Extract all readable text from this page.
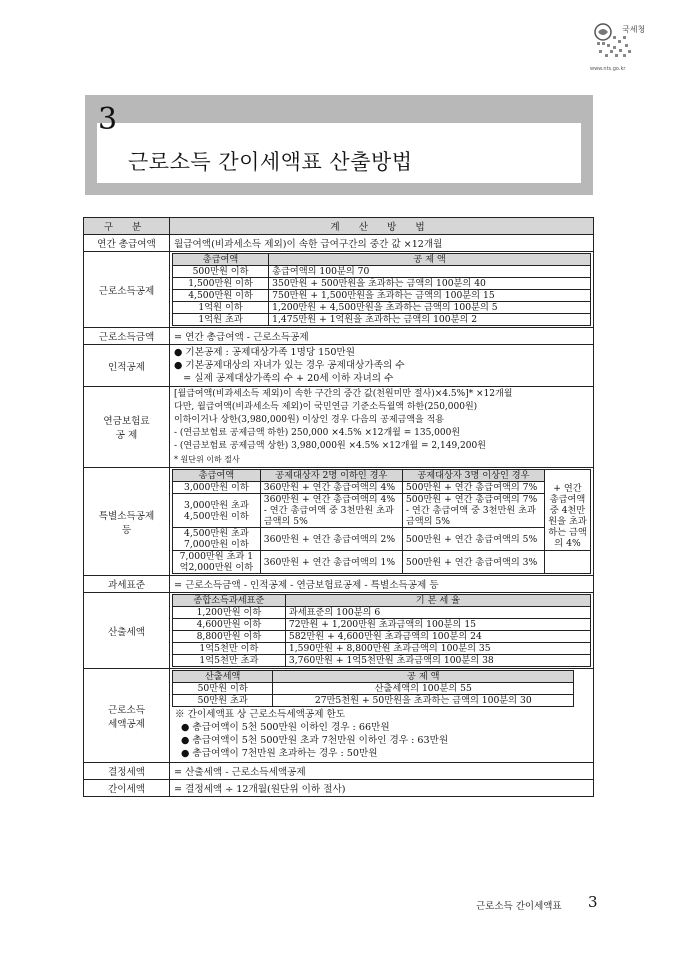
국세청
www.nts.go.kr
3 ✦
근로소득 간이세액표 산출방법
구 분	계 산 방 법
연간 총급여액	월급여액(비과세소득 제외)이 속한 급여구간의 중간 값 ×12개월
근로소득공제	
총급여액	공 제 액
500만원 이하	총급여액의 100분의 70
1,500만원 이하	350만원 + 500만원을 초과하는 금액의 100분의 40
4,500만원 이하	750만원 + 1,500만원을 초과하는 금액의 100분의 15
1억원 이하	1,200만원 + 4,500만원을 초과하는 금액의 100분의 5
1억원 초과	1,475만원 + 1억원을 초과하는 금액의 100분의 2

근로소득금액	= 연간 총급여액 - 근로소득공제
인적공제	
● 기본공제 : 공제대상가족 1명당 150만원
● 기본공제대상의 자녀가 있는 경우 공제대상가족의 수
= 실제 공제대상가족의 수 + 20세 이하 자녀의 수

연금보험료
공 제

[월급여액(비과세소득 제외)이 속한 구간의 중간 값(천원미만 절사)×4.5%]* ×12개월
다만, 월급여액(비과세소득 제외)이 국민연금 기준소득월액 하한(250,000원)
이하이거나 상한(3,980,000원) 이상인 경우 다음의 공제금액을 적용
- (연금보험료 공제금액 하한) 250,000 ×4.5% ×12개월 = 135,000원
- (연금보험료 공제금액 상한) 3,980,000원 ×4.5% ×12개월 = 2,149,200원
* 원단위 이하 절사

특별소득공제
등

총급여액	공제대상자 2명 이하인 경우	공제대상자 3명 이상인 경우	
3,000만원 이하	360만원 + 연간 총급여액의 4%	500만원 + 연간 총급여액의 7%	+ 연간 총급여액 중 4천만원을 초과하는 금액의 4%
3,000만원 초과 4,500만원 이하	360만원 + 연간 총급여액의 4% - 연간 총급여액 중 3천만원 초과 금액의 5%	500만원 + 연간 총급여액의 7% - 연간 총급여액 중 3천만원 초과 금액의 5%
4,500만원 초과 7,000만원 이하	360만원 + 연간 총급여액의 2%	500만원 + 연간 총급여액의 5%
7,000만원 초과 1억2,000만원 이하	360만원 + 연간 총급여액의 1%	500만원 + 연간 총급여액의 3%	

과세표준	= 근로소득금액 - 인적공제 - 연금보험료공제 - 특별소득공제 등
산출세액	
종합소득과세표준	기 본 세 율
1,200만원 이하	과세표준의 100분의 6
4,600만원 이하	72만원 + 1,200만원 초과금액의 100분의 15
8,800만원 이하	582만원 + 4,600만원 초과금액의 100분의 24
1억5천만 이하	1,590만원 + 8,800만원 초과금액의 100분의 35
1억5천만 초과	3,760만원 + 1억5천만원 초과금액의 100분의 38

근로소득
세액공제

산출세액	공 제 액
50만원 이하	산출세액의 100분의 55
50만원 초과	27만5천원 + 50만원을 초과하는 금액의 100분의 30
※ 간이세액표 상 근로소득세액공제 한도
● 총급여액이 5천 500만원 이하인 경우 : 66만원
● 총급여액이 5천 500만원 초과 7천만원 이하인 경우 : 63만원
● 총급여액이 7천만원 초과하는 경우 : 50만원

결정세액	= 산출세액 - 근로소득세액공제
간이세액	= 결정세액 ÷ 12개월(원단위 이하 절사)
근로소득 간이세액표 3
